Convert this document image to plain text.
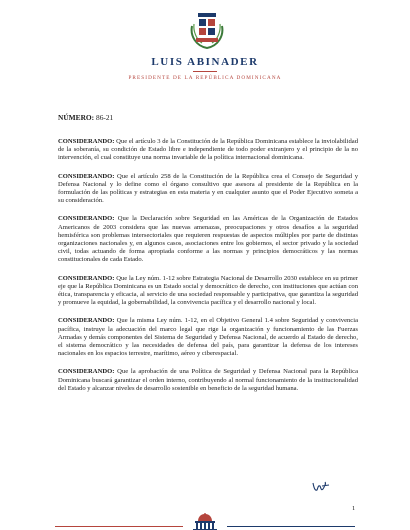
LUIS ABINADER
PRESIDENTE DE LA REPÚBLICA DOMINICANA
NÚMERO: 86-21

CONSIDERANDO: Que el artículo 3 de la Constitución de la República Dominicana establece la inviolabilidad de la soberanía, su condición de Estado libre e independiente de todo poder extranjero y el principio de la no intervención, el cual constituye una norma invariable de la política internacional dominicana.

CONSIDERANDO: Que el artículo 258 de la Constitución de la República crea el Consejo de Seguridad y Defensa Nacional y lo define como el órgano consultivo que asesora al presidente de la República en la formulación de las políticas y estrategias en esta materia y en cualquier asunto que el Poder Ejecutivo someta a su consideración.

CONSIDERANDO: Que la Declaración sobre Seguridad en las Américas de la Organización de Estados Americanos de 2003 considera que las nuevas amenazas, preocupaciones y otros desafíos a la seguridad hemisférica son problemas intersectoriales que requieren respuestas de aspectos múltiples por parte de distintas organizaciones nacionales y, en algunos casos, asociaciones entre los gobiernos, el sector privado y la sociedad civil, todas actuando de forma apropiada conforme a las normas y principios democráticos y las normas constitucionales de cada Estado.

CONSIDERANDO: Que la Ley núm. 1-12 sobre Estrategia Nacional de Desarrollo 2030 establece en su primer eje que la República Dominicana es un Estado social y democrático de derecho, con instituciones que actúan con ética, transparencia y eficacia, al servicio de una sociedad responsable y participativa, que garantiza la seguridad y promueve la equidad, la gobernabilidad, la convivencia pacífica y el desarrollo nacional y local.

CONSIDERANDO: Que la misma Ley núm. 1-12, en el Objetivo General 1.4 sobre Seguridad y convivencia pacífica, instruye la adecuación del marco legal que rige la organización y funcionamiento de las Fuerzas Armadas y demás componentes del Sistema de Seguridad y Defensa Nacional, de acuerdo al Estado de derecho, el sistema democrático y las necesidades de defensa del país, para garantizar la defensa de los intereses nacionales en los espacios terrestre, marítimo, aéreo y ciberespacial.

CONSIDERANDO: Que la aprobación de una Política de Seguridad y Defensa Nacional para la República Dominicana buscará garantizar el orden interno, contribuyendo al normal funcionamiento de la institucionalidad del Estado y alcanzar niveles de desarrollo sostenible en beneficio de la seguridad humana.

1
